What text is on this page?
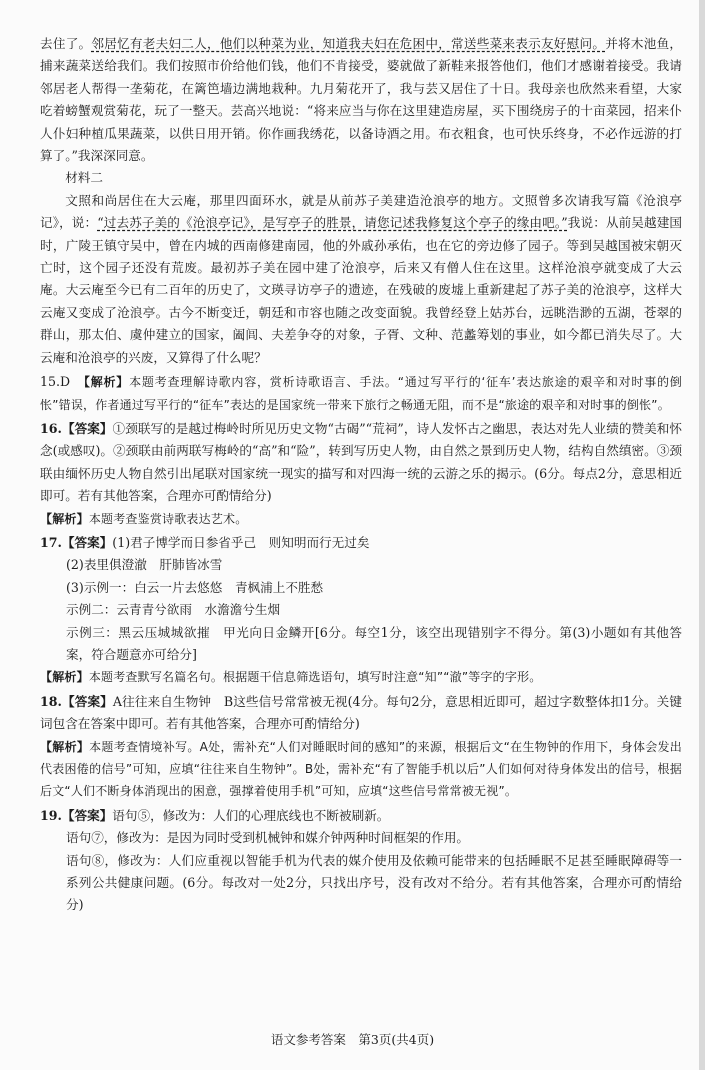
去住了。邻居忆有老夫妇二人，他们以种菜为业，知道我夫妇在危困中，常送些菜来表示友好慰问。并将木池鱼，捕来蔬菜送给我们。我们按照市价给他们钱，他们不肯接受，婆就做了新鞋来报答他们，他们才感谢着接受。我请邻居老人帮得一垄菊花，在篱笆墙边满地栽种。九月菊花开了，我与芸又居住了十日。我母亲也欣然来看望，大家吃着螃蟹观赏菊花，玩了一整天。芸高兴地说：“将来应当与你在这里建造房屋，买下围绕房子的十亩菜园，招来仆人仆妇种植瓜果蔬菜，以供日用开销。你作画我绣花，以备诗酒之用。布衣粗食，也可快乐终身，不必作远游的打算了。”我深深同意。

材料二

文照和尚居住在大云庵，那里四面环水，就是从前苏子美建造沧浪亭的地方。文照曾多次请我写篇《沧浪亭记》，说：“过去苏子美的《沧浪亭记》，是写亭子的胜景，请您记述我修复这个亭子的缘由吧。”我说：从前吴越建国时，广陵王镇守吴中，曾在内城的西南修建南园，他的外戚孙承佑，也在它的旁边修了园子。等到吴越国被宋朝灭亡时，这个园子还没有荒废。最初苏子美在园中建了沧浪亭，后来又有僧人住在这里。这样沧浪亭就变成了大云庵。大云庵至今已有二百年的历史了，文瑛寻访亭子的遗迹，在残破的废墟上重新建起了苏子美的沧浪亭，这样大云庵又变成了沧浪亭。古今不断变迁，朝廷和市容也随之改变面貌。我曾经登上姑苏台，远眺浩渺的五湖，苍翠的群山，那太伯、虞仲建立的国家，阖闾、夫差争夺的对象，子胥、文种、范蠡筹划的事业，如今都已消失尽了。大云庵和沧浪亭的兴废，又算得了什么呢？

15.D　 【解析】本题考查理解诗歌内容，赏析诗歌语言、手法。“通过写平行的‘征车’表达旅途的艰辛和对时事的倒怅”错误，作者通过写平行的“征车”表达的是国家统一带来下旅行之畅通无阻，而不是“旅途的艰辛和对时事的倒怅”。

16.【答案】①颈联写的是越过梅岭时所见历史文物“古碣”“荒祠”，诗人发怀古之幽思，表达对先人业绩的赞美和怀念(或感叹)。②颈联由前两联写梅岭的“高”和“险”，转到写历史人物，由自然之景到历史人物，结构自然缜密。③颈联由缅怀历史人物自然引出尾联对国家统一现实的描写和对四海一统的云游之乐的揭示。(6分。每点2分，意思相近即可。若有其他答案，合理亦可酌情给分)

【解析】本题考查鉴赏诗歌表达艺术。

17.【答案】(1)君子博学而日参省乎己　则知明而行无过矣

(2)表里俱澄澈　肝肺皆冰雪

(3)示例一：白云一片去悠悠　青枫浦上不胜愁

示例二：云青青兮欲雨　水澹澹兮生烟

示例三：黑云压城城欲摧　甲光向日金鳞开[6分。每空1分，该空出现错别字不得分。第(3)小题如有其他答案，符合题意亦可给分]

【解析】本题考查默写名篇名句。根据题干信息筛选语句，填写时注意“知”“澈”等字的字形。

18.【答案】A往往来自生物钟　B这些信号常常被无视(4分。每句2分，意思相近即可，超过字数整体扣1分。关键词包含在答案中即可。若有其他答案，合理亦可酌情给分)

【解析】本题考查情境补写。A处，需补充“人们对睡眠时间的感知”的来源，根据后文“在生物钟的作用下，身体会发出代表困倦的信号”可知，应填“往往来自生物钟”。B处，需补充“有了智能手机以后”人们如何对待身体发出的信号，根据后文“人们不断身体消现出的困意，强撑着使用手机”可知，应填“这些信号常常被无视”。

19.【答案】语句⑤，修改为：人们的心理底线也不断被刷新。

语句⑦，修改为：是因为同时受到机械钟和媒介钟两种时间框架的作用。

语句⑧，修改为：人们应重视以智能手机为代表的媒介使用及依赖可能带来的包括睡眠不足甚至睡眠障碍等一系列公共健康问题。(6分。每改对一处2分，只找出序号，没有改对不给分。若有其他答案，合理亦可酌情给分)

语文参考答案　第3页(共4页)
